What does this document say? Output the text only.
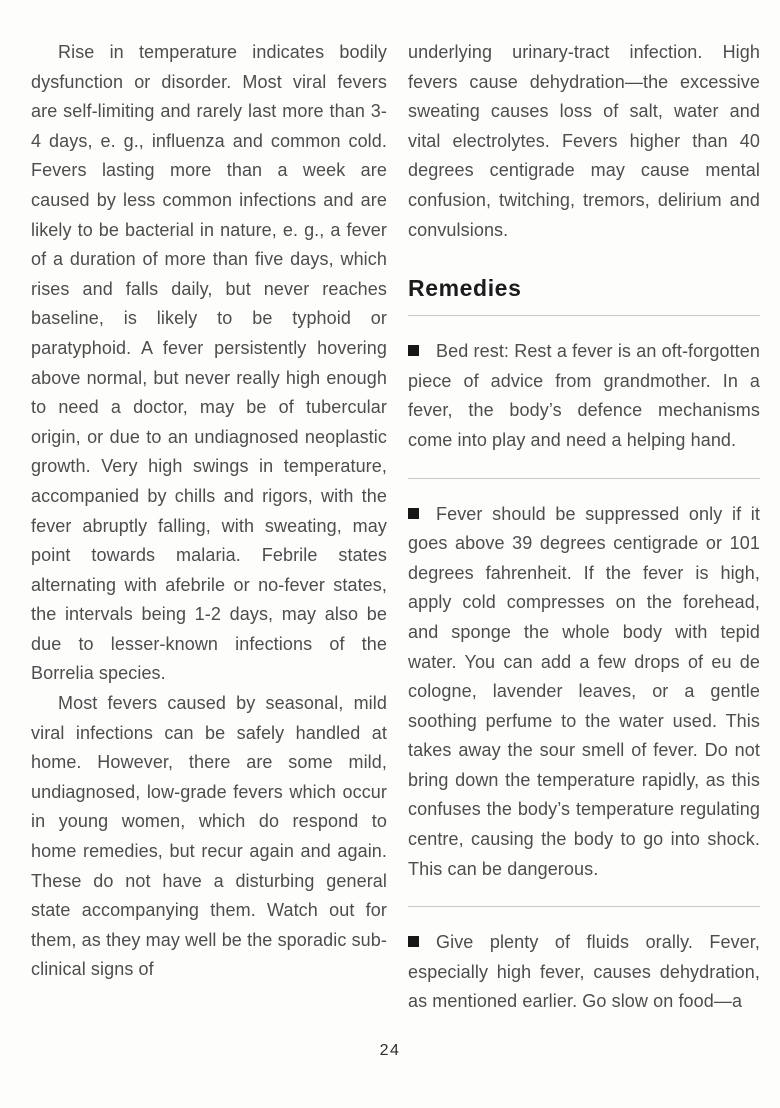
Rise in temperature indicates bodily dysfunction or disorder. Most viral fevers are self-limiting and rarely last more than 3-4 days, e. g., influenza and common cold. Fevers lasting more than a week are caused by less common infections and are likely to be bacterial in nature, e. g., a fever of a duration of more than five days, which rises and falls daily, but never reaches baseline, is likely to be typhoid or paratyphoid. A fever persistently hovering above normal, but never really high enough to need a doctor, may be of tubercular origin, or due to an undiagnosed neoplastic growth. Very high swings in temperature, accompanied by chills and rigors, with the fever abruptly falling, with sweating, may point towards malaria. Febrile states alternating with afebrile or no-fever states, the intervals being 1-2 days, may also be due to lesser-known infections of the Borrelia species.

Most fevers caused by seasonal, mild viral infections can be safely handled at home. However, there are some mild, undiagnosed, low-grade fevers which occur in young women, which do respond to home remedies, but recur again and again. These do not have a disturbing general state accompanying them. Watch out for them, as they may well be the sporadic sub-clinical signs of

underlying urinary-tract infection. High fevers cause dehydration—the excessive sweating causes loss of salt, water and vital electrolytes. Fevers higher than 40 degrees centigrade may cause mental confusion, twitching, tremors, delirium and convulsions.

Remedies

Bed rest: Rest a fever is an oft-forgotten piece of advice from grandmother. In a fever, the body’s defence mechanisms come into play and need a helping hand.

Fever should be suppressed only if it goes above 39 degrees centigrade or 101 degrees fahrenheit. If the fever is high, apply cold compresses on the forehead, and sponge the whole body with tepid water. You can add a few drops of eu de cologne, lavender leaves, or a gentle soothing perfume to the water used. This takes away the sour smell of fever. Do not bring down the temperature rapidly, as this confuses the body’s temperature regulating centre, causing the body to go into shock. This can be dangerous.

Give plenty of fluids orally. Fever, especially high fever, causes dehydration, as mentioned earlier. Go slow on food—a

24
